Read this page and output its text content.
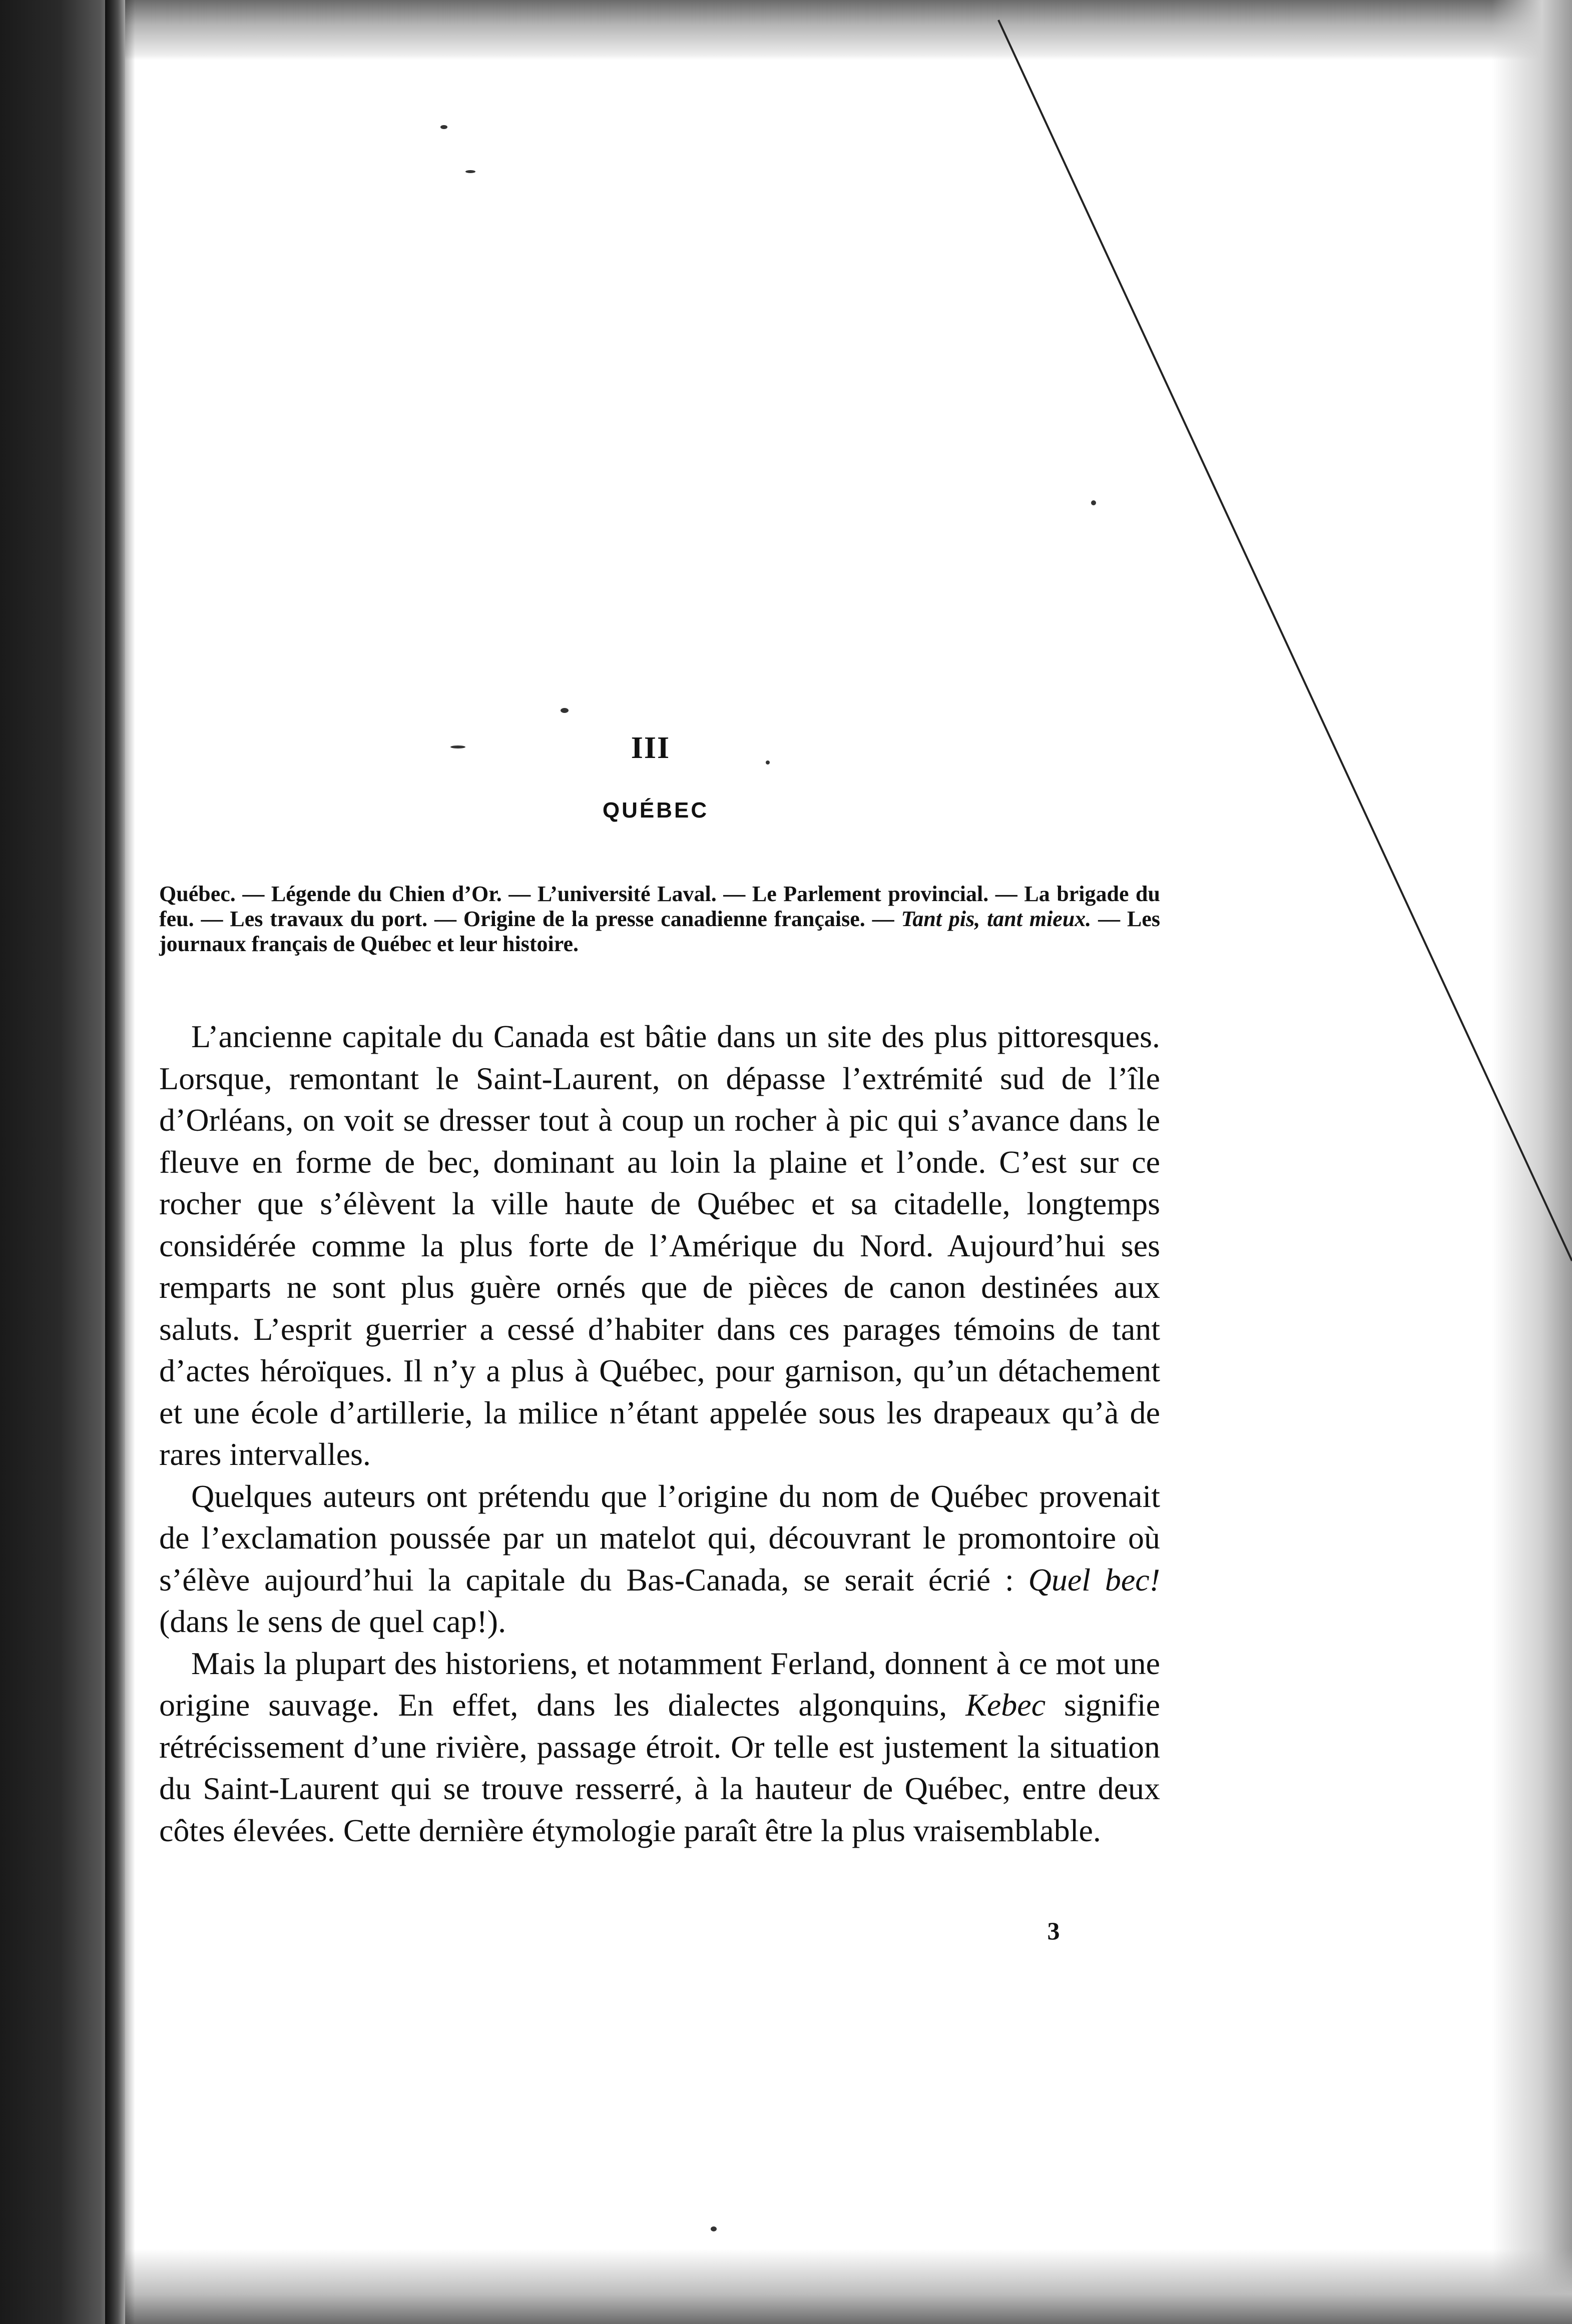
III
QUÉBEC
Québec. — Légende du Chien d’Or. — L’université Laval. — Le Parlement provincial. — La brigade du feu. — Les travaux du port. — Origine de la presse canadienne française. — Tant pis, tant mieux. — Les journaux français de Québec et leur histoire.

 L’ancienne capitale du Canada est bâtie dans un site des plus pittoresques. Lorsque, remontant le Saint-Laurent, on dépasse l’extrémité sud de l’île d’Orléans, on voit se dresser tout à coup un rocher à pic qui s’avance dans le fleuve en forme de bec, dominant au loin la plaine et l’onde. C’est sur ce rocher que s’élèvent la ville haute de Québec et sa citadelle, longtemps considérée comme la plus forte de l’Amérique du Nord. Aujourd’hui ses remparts ne sont plus guère ornés que de pièces de canon destinées aux saluts. L’esprit guerrier a cessé d’habiter dans ces parages témoins de tant d’actes héroïques. Il n’y a plus à Québec, pour garnison, qu’un détachement et une école d’artillerie, la milice n’étant appelée sous les drapeaux qu’à de rares intervalles.

 Quelques auteurs ont prétendu que l’origine du nom de Québec provenait de l’exclamation poussée par un matelot qui, découvrant le promontoire où s’élève aujourd’hui la capitale du Bas-Canada, se serait écrié : Quel bec! (dans le sens de quel cap!).

 Mais la plupart des historiens, et notamment Ferland, donnent à ce mot une origine sauvage. En effet, dans les dialectes algonquins, Kebec signifie rétrécissement d’une rivière, passage étroit. Or telle est justement la situation du Saint-Laurent qui se trouve resserré, à la hauteur de Québec, entre deux côtes élevées. Cette dernière étymologie paraît être la plus vraisemblable.

3
